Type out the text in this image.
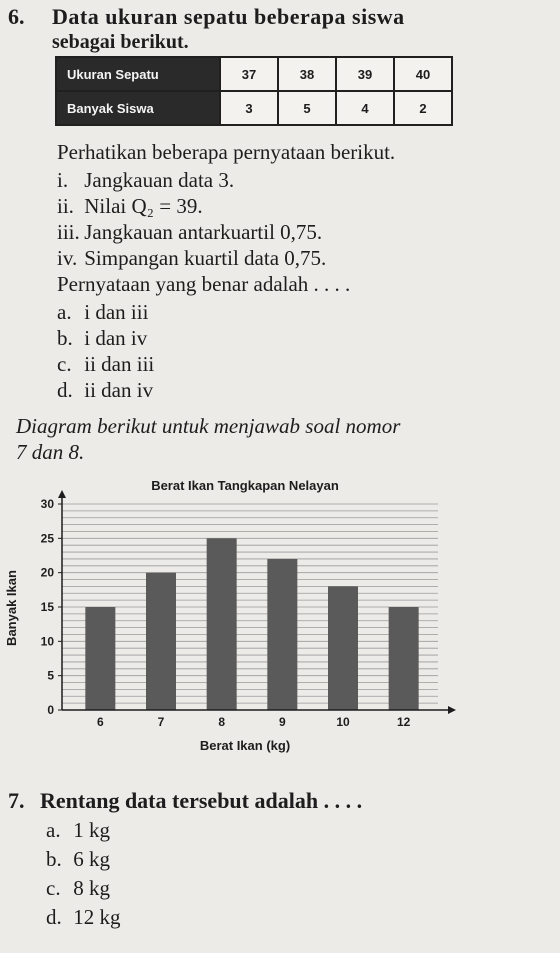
6. Data ukuran sepatu beberapa siswa
sebagai berikut.
Ukuran Sepatu	37	38	39	40
Banyak Siswa	3	5	4	2
Perhatikan beberapa pernyataan berikut.
i. Jangkauan data 3.
ii. Nilai Q₂ = 39.
iii. Jangkauan antarkuartil 0,75.
iv. Simpangan kuartil data 0,75.
Pernyataan yang benar adalah . . . .
a. i dan iii
b. i dan iv
c. ii dan iii
d. ii dan iv
Diagram berikut untuk menjawab soal nomor
7 dan 8.
Berat Ikan Tangkapan Nelayan
0
5
10
15
20
25
30
6	7	8	9	10	12
Banyak Ikan
Berat Ikan (kg)
7. Rentang data tersebut adalah . . . .
a. 1 kg
b. 6 kg
c. 8 kg
d. 12 kg
